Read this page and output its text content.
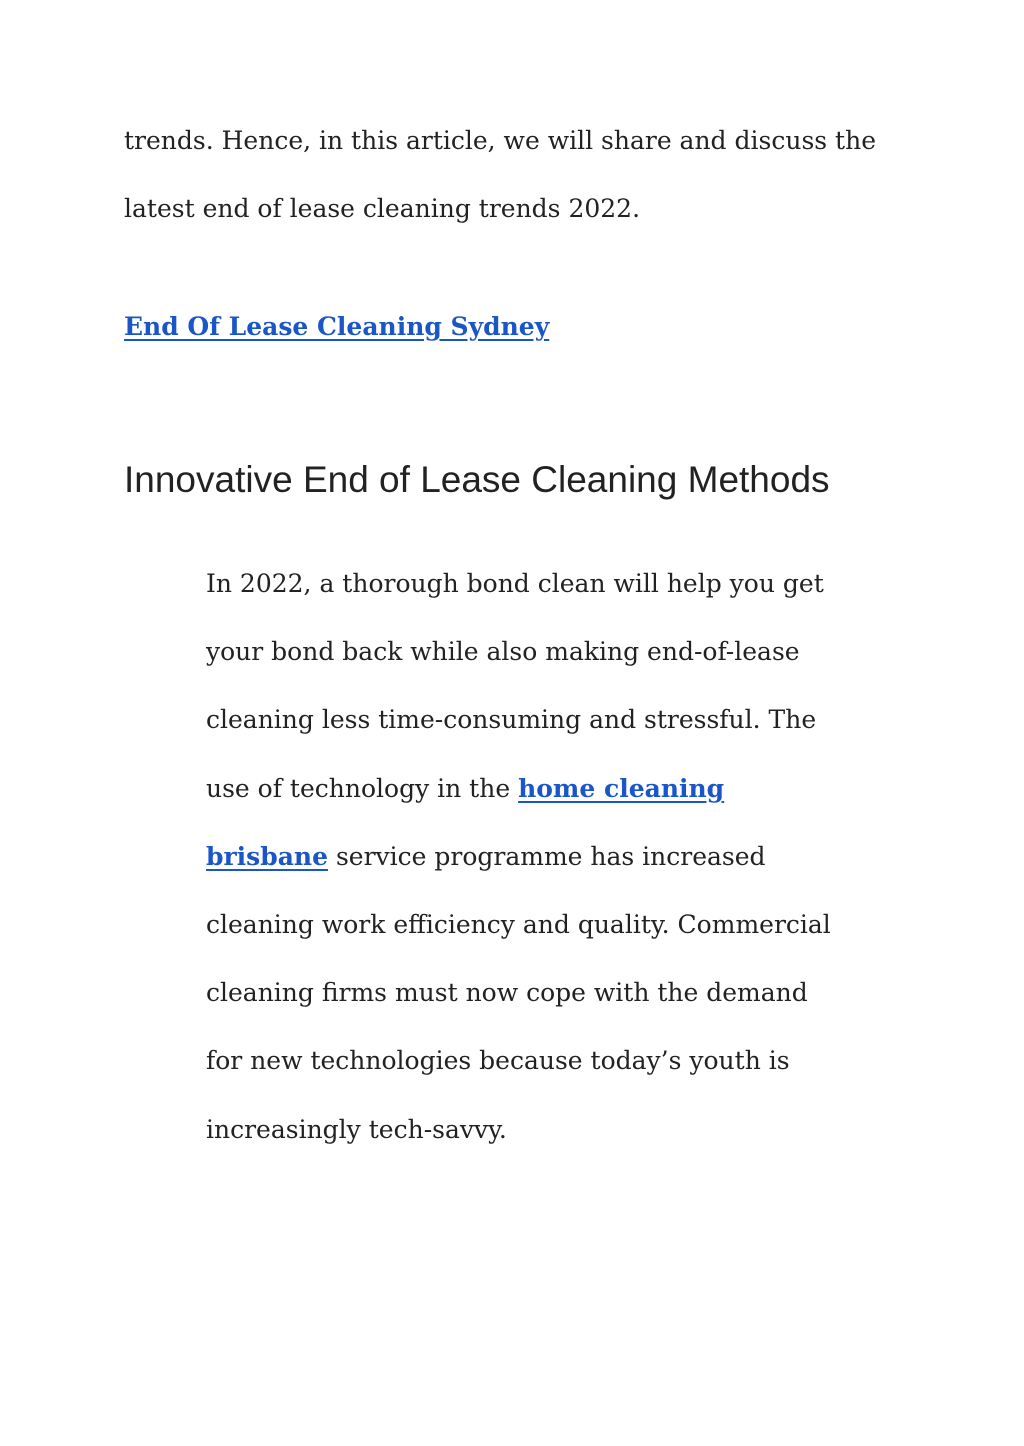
trends. Hence, in this article, we will share and discuss the
latest end of lease cleaning trends 2022.
End Of Lease Cleaning Sydney
Innovative End of Lease Cleaning Methods
In 2022, a thorough bond clean will help you get
your bond back while also making end-of-lease
cleaning less time-consuming and stressful. The
use of technology in the home cleaning
brisbane service programme has increased
cleaning work efficiency and quality. Commercial
cleaning firms must now cope with the demand
for new technologies because today’s youth is
increasingly tech-savvy.
